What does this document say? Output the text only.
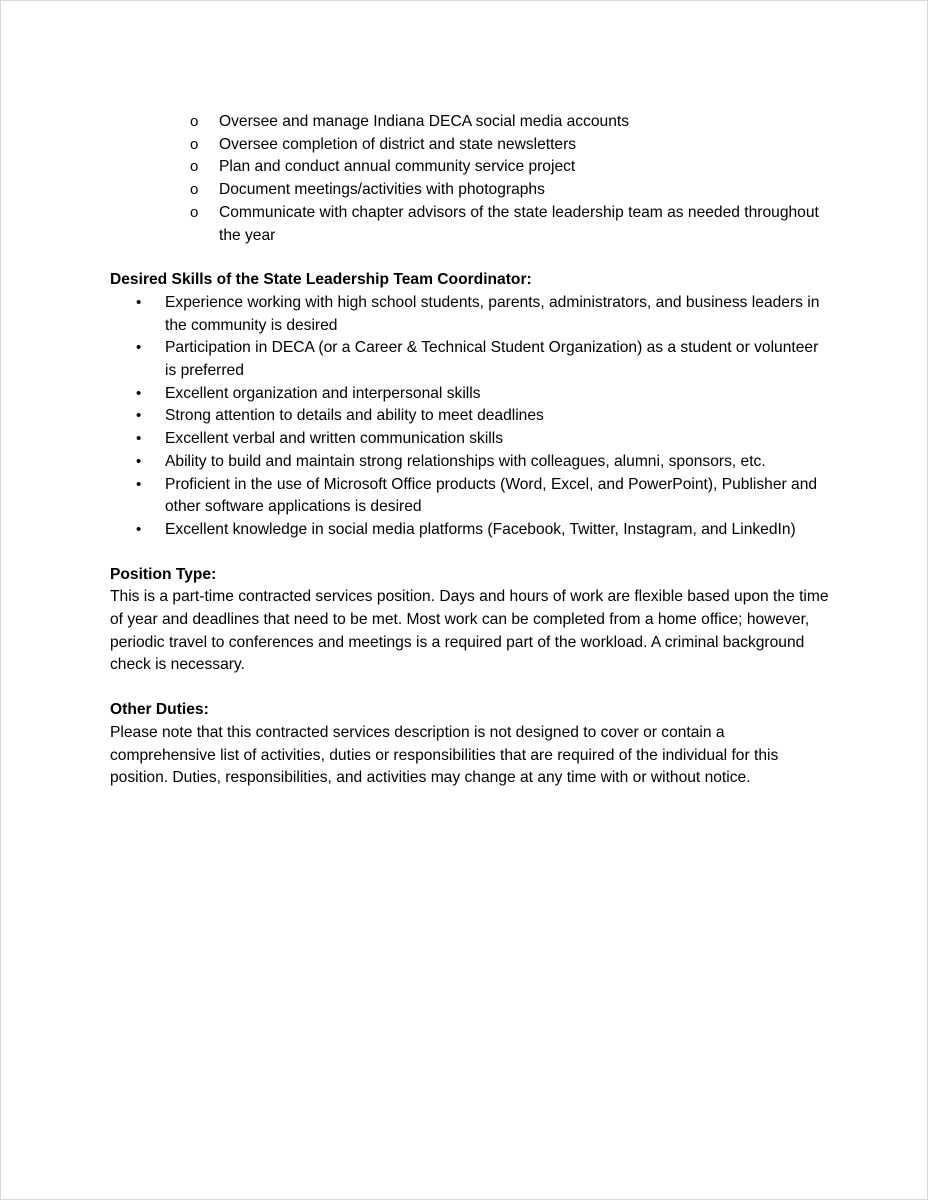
o	Oversee and manage Indiana DECA social media accounts
o	Oversee completion of district and state newsletters
o	Plan and conduct annual community service project
o	Document meetings/activities with photographs
o	Communicate with chapter advisors of the state leadership team as needed throughout the year
Desired Skills of the State Leadership Team Coordinator:
•	Experience working with high school students, parents, administrators, and business leaders in the community is desired
•	Participation in DECA (or a Career & Technical Student Organization) as a student or volunteer is preferred
•	Excellent organization and interpersonal skills
•	Strong attention to details and ability to meet deadlines
•	Excellent verbal and written communication skills
•	Ability to build and maintain strong relationships with colleagues, alumni, sponsors, etc.
•	Proficient in the use of Microsoft Office products (Word, Excel, and PowerPoint), Publisher and other software applications is desired
•	Excellent knowledge in social media platforms (Facebook, Twitter, Instagram, and LinkedIn)
Position Type:

This is a part-time contracted services position. Days and hours of work are flexible based upon the time of year and deadlines that need to be met. Most work can be completed from a home office; however, periodic travel to conferences and meetings is a required part of the workload. A criminal background check is necessary.

Other Duties:

Please note that this contracted services description is not designed to cover or contain a comprehensive list of activities, duties or responsibilities that are required of the individual for this position. Duties, responsibilities, and activities may change at any time with or without notice.
